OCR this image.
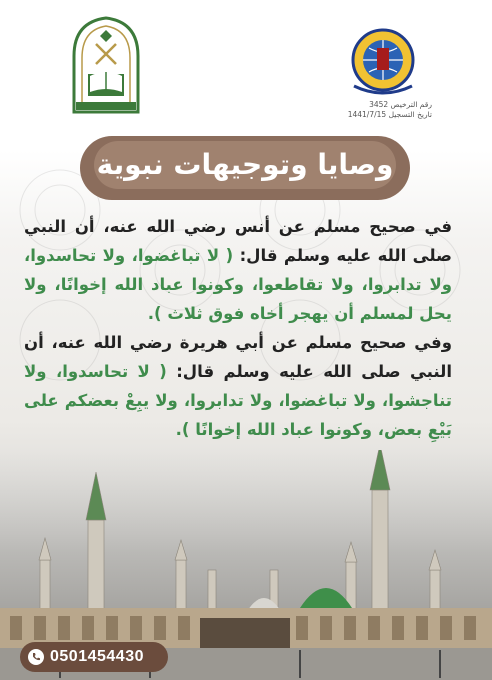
رقم الترخيص 3452
تاريخ التسجيل 1441/7/15
وصايا وتوجيهات نبوية

في صحيح مسلم عن أنس رضي الله عنه، أن النبي صلى الله عليه وسلم قال: ( لا تباغضوا، ولا تحاسدوا، ولا تدابروا، ولا تقاطعوا، وكونوا عباد الله إخوانًا، ولا يحل لمسلم أن يهجر أخاه فوق ثلاث ).

وفي صحيح مسلم عن أبي هريرة رضي الله عنه، أن النبي صلى الله عليه وسلم قال: ( لا تحاسدوا، ولا تناجشوا، ولا تباغضوا، ولا تدابروا، ولا يبِعْ بعضكم على بَيْعِ بعض، وكونوا عباد الله إخوانًا ).

0501454430
